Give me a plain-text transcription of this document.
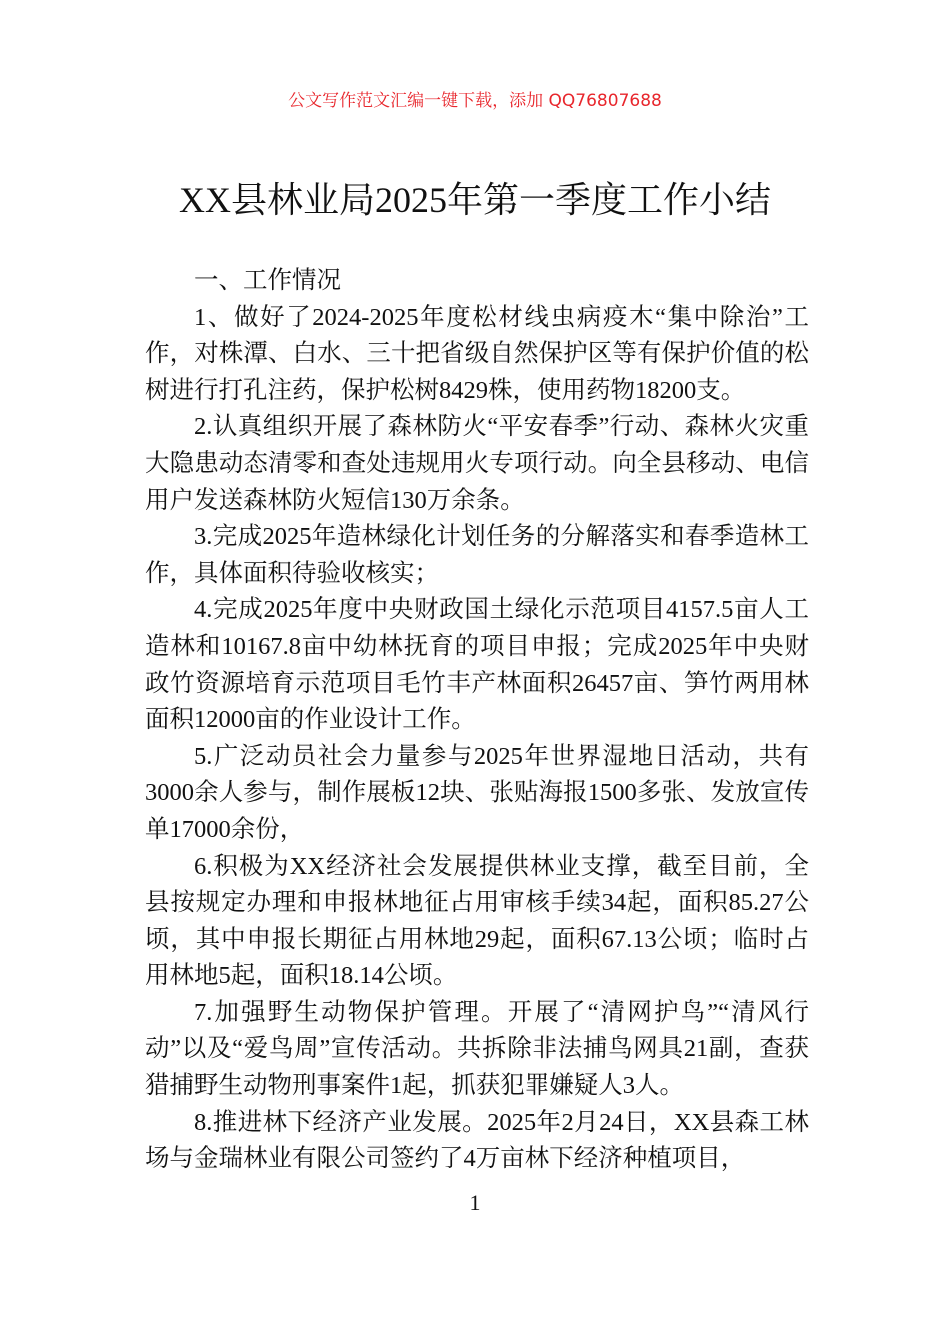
公文写作范文汇编一键下载，添加 QQ76807688
XX县林业局2025年第一季度工作小结

一、工作情况

1、做好了2024-2025年度松材线虫病疫木“集中除治”工作，对株潭、白水、三十把省级自然保护区等有保护价值的松树进行打孔注药，保护松树8429株，使用药物18200支。

2.认真组织开展了森林防火“平安春季”行动、森林火灾重大隐患动态清零和查处违规用火专项行动。向全县移动、电信用户发送森林防火短信130万余条。

3.完成2025年造林绿化计划任务的分解落实和春季造林工作，具体面积待验收核实；

4.完成2025年度中央财政国土绿化示范项目4157.5亩人工造林和10167.8亩中幼林抚育的项目申报；完成2025年中央财政竹资源培育示范项目毛竹丰产林面积26457亩、笋竹两用林面积12000亩的作业设计工作。

5.广泛动员社会力量参与2025年世界湿地日活动，共有3000余人参与，制作展板12块、张贴海报1500多张、发放宣传单17000余份，

6.积极为XX经济社会发展提供林业支撑，截至目前，全县按规定办理和申报林地征占用审核手续34起，面积85.27公顷，其中申报长期征占用林地29起，面积67.13公顷；临时占用林地5起，面积18.14公顷。

7.加强野生动物保护管理。开展了“清网护鸟”“清风行动”以及“爱鸟周”宣传活动。共拆除非法捕鸟网具21副，查获猎捕野生动物刑事案件1起，抓获犯罪嫌疑人3人。

8.推进林下经济产业发展。2025年2月24日，XX县森工林场与金瑞林业有限公司签约了4万亩林下经济种植项目，

1
